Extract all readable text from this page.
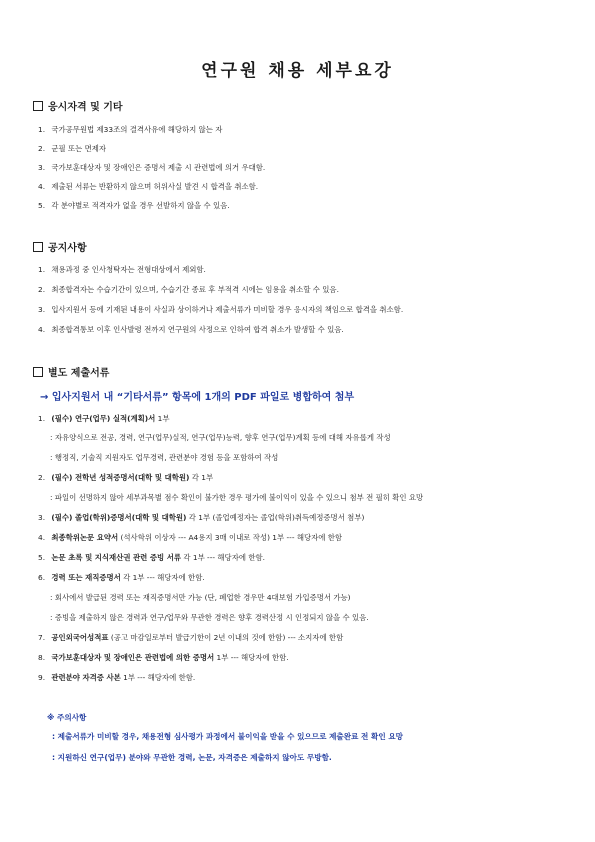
연구원 채용 세부요강
응시자격 및 기타
1. 국가공무원법 제33조의 결격사유에 해당하지 않는 자
2. 군필 또는 면제자
3. 국가보훈대상자 및 장애인은 증명서 제출 시 관련법에 의거 우대함.
4. 제출된 서류는 반환하지 않으며 허위사실 발견 시 합격을 취소함.
5. 각 분야별로 적격자가 없을 경우 선발하지 않을 수 있음.
공지사항
1. 채용과정 중 인사청탁자는 전형대상에서 제외함.
2. 최종합격자는 수습기간이 있으며, 수습기간 종료 후 부적격 시에는 임용을 취소할 수 있음.
3. 입사지원서 등에 기재된 내용이 사실과 상이하거나 제출서류가 미비할 경우 응시자의 책임으로 합격을 취소함.
4. 최종합격통보 이후 인사발령 전까지 연구원의 사정으로 인하여 합격 취소가 발생할 수 있음.
별도 제출서류
→ 입사지원서 내 “기타서류” 항목에 1개의 PDF 파일로 병합하여 첨부
1. (필수) 연구(업무) 실적(계획)서 1부
: 자유양식으로 전공, 경력, 연구(업무)실적, 연구(업무)능력, 향후 연구(업무)계획 등에 대해 자유롭게 작성
: 행정직, 기술직 지원자도 업무경력, 관련분야 경험 등을 포함하여 작성
2. (필수) 전학년 성적증명서(대학 및 대학원) 각 1부
: 파일이 선명하지 않아 세부과목별 점수 확인이 불가한 경우 평가에 불이익이 있을 수 있으니 첨부 전 필히 확인 요망
3. (필수) 졸업(학위)증명서(대학 및 대학원) 각 1부 (졸업예정자는 졸업(학위)취득예정증명서 첨부)
4. 최종학위논문 요약서 (석사학위 이상자 --- A4용지 3매 이내로 작성) 1부 --- 해당자에 한함
5. 논문 초록 및 지식재산권 관련 증빙 서류 각 1부 --- 해당자에 한함.
6. 경력 또는 재직증명서 각 1부 --- 해당자에 한함.
: 회사에서 발급된 경력 또는 재직증명서만 가능 (단, 폐업한 경우만 4대보험 가입증명서 가능)
: 증빙을 제출하지 않은 경력과 연구/업무와 무관한 경력은 향후 경력산정 시 인정되지 않을 수 있음.
7. 공인외국어성적표 (공고 마감일로부터 발급기한이 2년 이내의 것에 한함) --- 소지자에 한함
8. 국가보훈대상자 및 장애인은 관련법에 의한 증명서 1부 --- 해당자에 한함.
9. 관련분야 자격증 사본 1부 --- 해당자에 한함.
※ 주의사항
: 제출서류가 미비할 경우, 채용전형 심사평가 과정에서 불이익을 받을 수 있으므로 제출완료 전 확인 요망
: 지원하신 연구(업무) 분야와 무관한 경력, 논문, 자격증은 제출하지 않아도 무방함.
